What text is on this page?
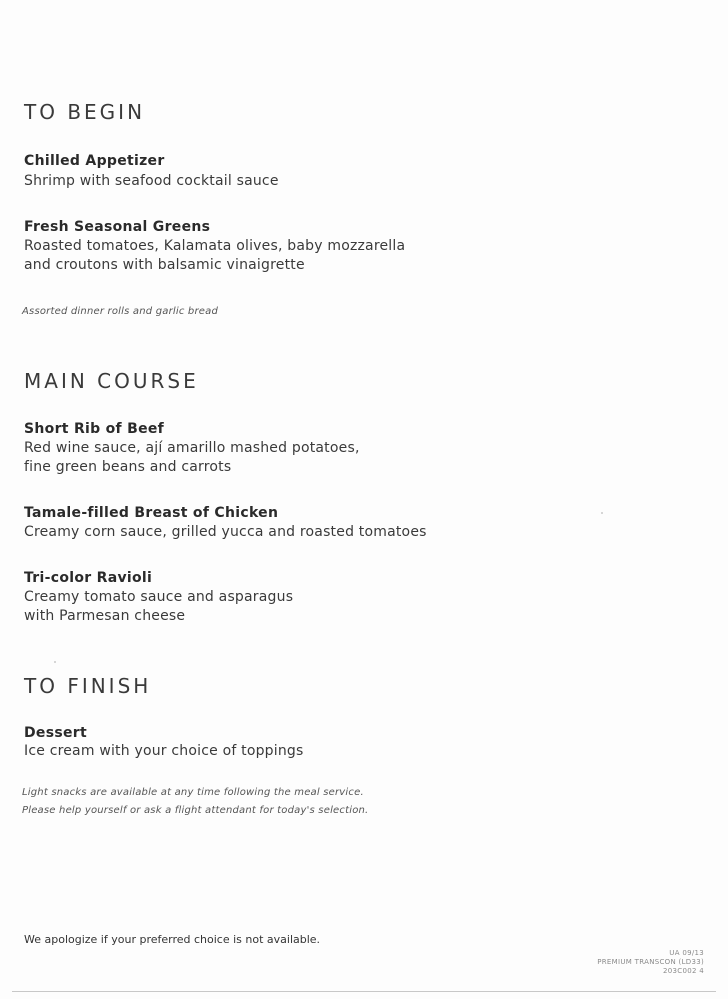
TO BEGIN
Chilled Appetizer
Shrimp with seafood cocktail sauce
Fresh Seasonal Greens
Roasted tomatoes, Kalamata olives, baby mozzarella
and croutons with balsamic vinaigrette
Assorted dinner rolls and garlic bread
MAIN COURSE
Short Rib of Beef
Red wine sauce, ají amarillo mashed potatoes,
fine green beans and carrots
Tamale-filled Breast of Chicken
Creamy corn sauce, grilled yucca and roasted tomatoes
Tri-color Ravioli
Creamy tomato sauce and asparagus
with Parmesan cheese
TO FINISH
Dessert
Ice cream with your choice of toppings
Light snacks are available at any time following the meal service.
Please help yourself or ask a flight attendant for today's selection.
We apologize if your preferred choice is not available.
UA 09/13
PREMIUM TRANSCON (LD33)
203C002 4
